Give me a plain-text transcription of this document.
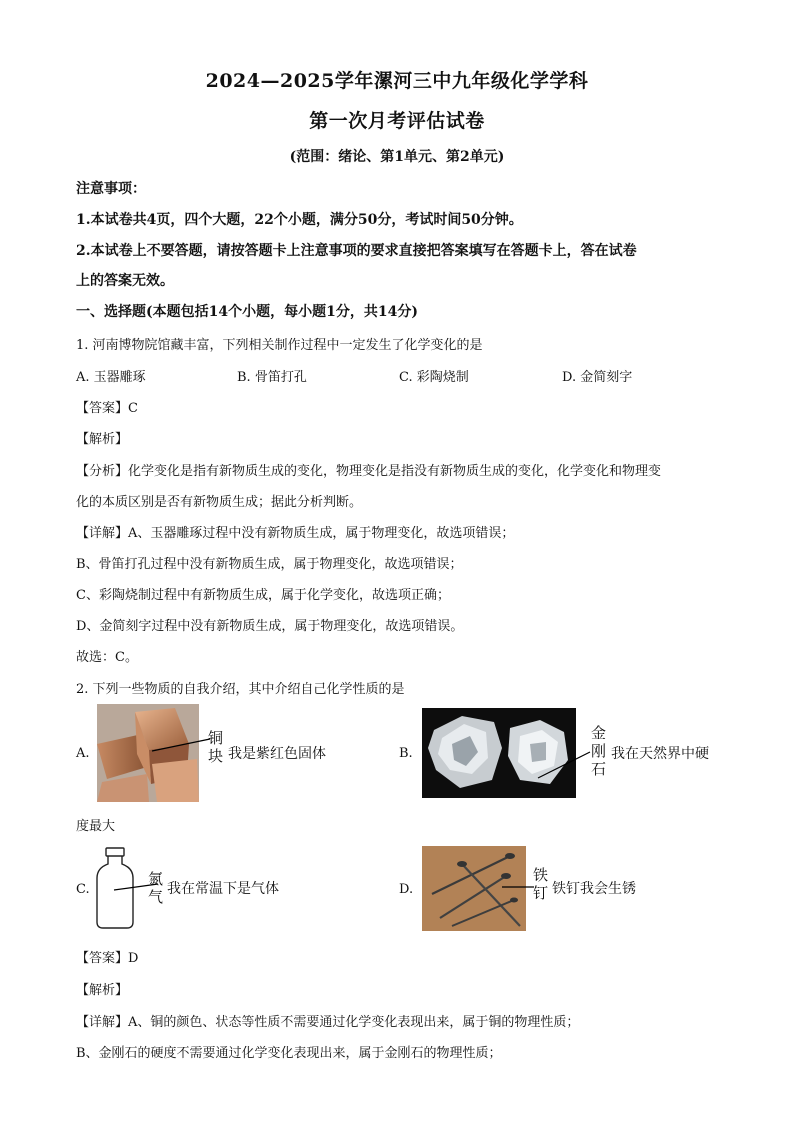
2024—2025学年漯河三中九年级化学学科
第一次月考评估试卷
(范围：绪论、第1单元、第2单元)
注意事项：
1.本试卷共4页，四个大题，22个小题，满分50分，考试时间50分钟。
2.本试卷上不要答题，请按答题卡上注意事项的要求直接把答案填写在答题卡上，答在试卷
上的答案无效。
一、选择题(本题包括14个小题，每小题1分，共14分)
1. 河南博物院馆藏丰富，下列相关制作过程中一定发生了化学变化的是
A. 玉器雕琢	B. 骨笛打孔	C. 彩陶烧制	D. 金简刻字
【答案】C
【解析】
【分析】化学变化是指有新物质生成的变化，物理变化是指没有新物质生成的变化，化学变化和物理变
化的本质区别是否有新物质生成；据此分析判断。
【详解】A、玉器雕琢过程中没有新物质生成，属于物理变化，故选项错误；
B、骨笛打孔过程中没有新物质生成，属于物理变化，故选项错误；
C、彩陶烧制过程中有新物质生成，属于化学变化，故选项正确；
D、金简刻字过程中没有新物质生成，属于物理变化，故选项错误。
故选：C。
2. 下列一些物质的自我介绍，其中介绍自己化学性质的是
A.
铜块 我是紫红色固体	B.
金刚石
我在天然界中硬
度最大
C.
氮气 我在常温下是气体	D.
铁钉 铁钉我会生锈
【答案】D
【解析】
【详解】A、铜的颜色、状态等性质不需要通过化学变化表现出来，属于铜的物理性质；
B、金刚石的硬度不需要通过化学变化表现出来，属于金刚石的物理性质；
